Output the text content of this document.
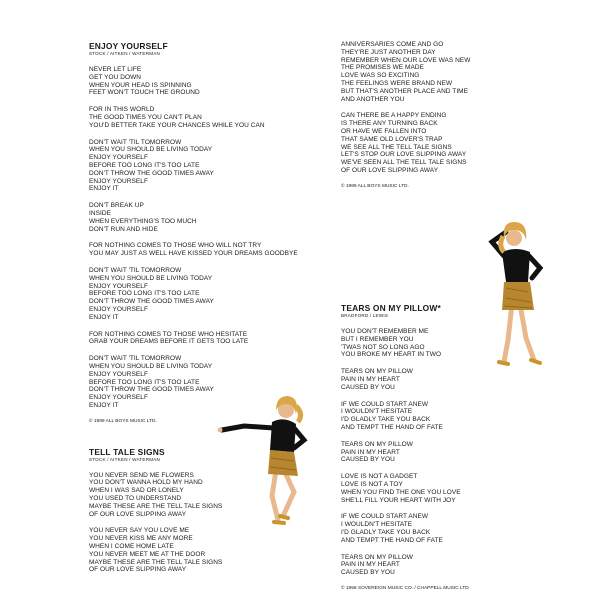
ENJOY YOURSELF
STOCK / AITKEN / WATERMAN
NEVER LET LIFE
GET YOU DOWN
WHEN YOUR HEAD IS SPINNING
FEET WON'T TOUCH THE GROUND
FOR IN THIS WORLD
THE GOOD TIMES YOU CAN'T PLAN
YOU'D BETTER TAKE YOUR CHANCES WHILE YOU CAN
DON'T WAIT 'TIL TOMORROW
WHEN YOU SHOULD BE LIVING TODAY
ENJOY YOURSELF
BEFORE TOO LONG IT'S TOO LATE
DON'T THROW THE GOOD TIMES AWAY
ENJOY YOURSELF
ENJOY IT
DON'T BREAK UP
INSIDE
WHEN EVERYTHING'S TOO MUCH
DON'T RUN AND HIDE
FOR NOTHING COMES TO THOSE WHO WILL NOT TRY
YOU MAY JUST AS WELL HAVE KISSED YOUR DREAMS GOODBYE
DON'T WAIT 'TIL TOMORROW
WHEN YOU SHOULD BE LIVING TODAY
ENJOY YOURSELF
BEFORE TOO LONG IT'S TOO LATE
DON'T THROW THE GOOD TIMES AWAY
ENJOY YOURSELF
ENJOY IT
FOR NOTHING COMES TO THOSE WHO HESITATE
GRAB YOUR DREAMS BEFORE IT GETS TOO LATE
DON'T WAIT 'TIL TOMORROW
WHEN YOU SHOULD BE LIVING TODAY
ENJOY YOURSELF
BEFORE TOO LONG IT'S TOO LATE
DON'T THROW THE GOOD TIMES AWAY
ENJOY YOURSELF
ENJOY IT
© 1989 ALL BOYS MUSIC LTD.
TELL TALE SIGNS
STOCK / AITKEN / WATERMAN
YOU NEVER SEND ME FLOWERS
YOU DON'T WANNA HOLD MY HAND
WHEN I WAS SAD OR LONELY
YOU USED TO UNDERSTAND
MAYBE THESE ARE THE TELL TALE SIGNS
OF OUR LOVE SLIPPING AWAY
YOU NEVER SAY YOU LOVE ME
YOU NEVER KISS ME ANY MORE
WHEN I COME HOME LATE
YOU NEVER MEET ME AT THE DOOR
MAYBE THESE ARE THE TELL TALE SIGNS
OF OUR LOVE SLIPPING AWAY
ANNIVERSARIES COME AND GO
THEY'RE JUST ANOTHER DAY
REMEMBER WHEN OUR LOVE WAS NEW
THE PROMISES WE MADE
LOVE WAS SO EXCITING
THE FEELINGS WERE BRAND NEW
BUT THAT'S ANOTHER PLACE AND TIME
AND ANOTHER YOU
CAN THERE BE A HAPPY ENDING
IS THERE ANY TURNING BACK
OR HAVE WE FALLEN INTO
THAT SAME OLD LOVER'S TRAP
WE SEE ALL THE TELL TALE SIGNS
LET'S STOP OUR LOVE SLIPPING AWAY
WE'VE SEEN ALL THE TELL TALE SIGNS
OF OUR LOVE SLIPPING AWAY
© 1989 ALL BOYS MUSIC LTD.
TEARS ON MY PILLOW*
BRADFORD / LEWIS
YOU DON'T REMEMBER ME
BUT I REMEMBER YOU
'TWAS NOT SO LONG AGO
YOU BROKE MY HEART IN TWO
TEARS ON MY PILLOW
PAIN IN MY HEART
CAUSED BY YOU
IF WE COULD START ANEW
I WOULDN'T HESITATE
I'D GLADLY TAKE YOU BACK
AND TEMPT THE HAND OF FATE
TEARS ON MY PILLOW
PAIN IN MY HEART
CAUSED BY YOU
LOVE IS NOT A GADGET
LOVE IS NOT A TOY
WHEN YOU FIND THE ONE YOU LOVE
SHE'LL FILL YOUR HEART WITH JOY
IF WE COULD START ANEW
I WOULDN'T HESITATE
I'D GLADLY TAKE YOU BACK
AND TEMPT THE HAND OF FATE
TEARS ON MY PILLOW
PAIN IN MY HEART
CAUSED BY YOU
© 1958 SOVEREIGN MUSIC CO. / CHAPPELL MUSIC LTD
